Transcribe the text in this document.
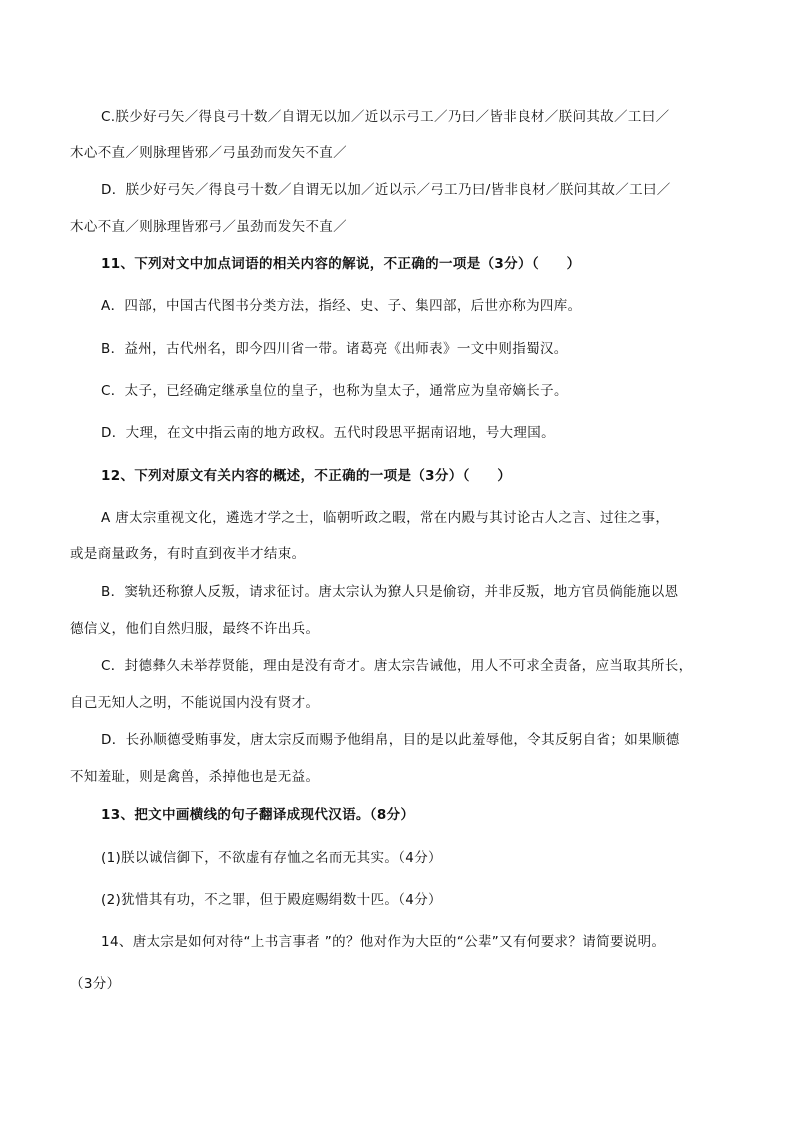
C.朕少好弓矢／得良弓十数／自谓无以加／近以示弓工／乃曰／皆非良材／朕问其故／工曰／
木心不直／则脉理皆邪／弓虽劲而发矢不直／
D．朕少好弓矢／得良弓十数／自谓无以加／近以示／弓工乃曰/皆非良材／朕问其故／工曰／
木心不直／则脉理皆邪弓／虽劲而发矢不直／
11、下列对文中加点词语的相关内容的解说，不正确的一项是（3分）（　　）
A．四部，中国古代图书分类方法，指经、史、子、集四部，后世亦称为四库。
B．益州，古代州名，即今四川省一带。诸葛亮《出师表》一文中则指蜀汉。
C．太子，已经确定继承皇位的皇子，也称为皇太子，通常应为皇帝嫡长子。
D．大理，在文中指云南的地方政权。五代时段思平据南诏地，号大理国。
12、下列对原文有关内容的概述，不正确的一项是（3分）（　　）
A 唐太宗重视文化，遴选才学之士，临朝听政之暇，常在内殿与其讨论古人之言、过往之事，
或是商量政务，有时直到夜半才结束。
B．窦轨还称獠人反叛，请求征讨。唐太宗认为獠人只是偷窃，并非反叛，地方官员倘能施以恩
德信义，他们自然归服，最终不许出兵。
C．封德彝久未举荐贤能，理由是没有奇才。唐太宗告诫他，用人不可求全责备，应当取其所长，
自己无知人之明，不能说国内没有贤才。
D．长孙顺德受贿事发，唐太宗反而赐予他绢帛，目的是以此羞辱他，令其反躬自省；如果顺德
不知羞耻，则是禽兽，杀掉他也是无益。
13、把文中画横线的句子翻译成现代汉语。（8分）
(1)朕以诚信御下，不欲虚有存恤之名而无其实。（4分）
(2)犹惜其有功，不之罪，但于殿庭赐绢数十匹。（4分）
14、唐太宗是如何对待“上书言事者 ”的？他对作为大臣的“公辈”又有何要求？请简要说明。
（3分）
